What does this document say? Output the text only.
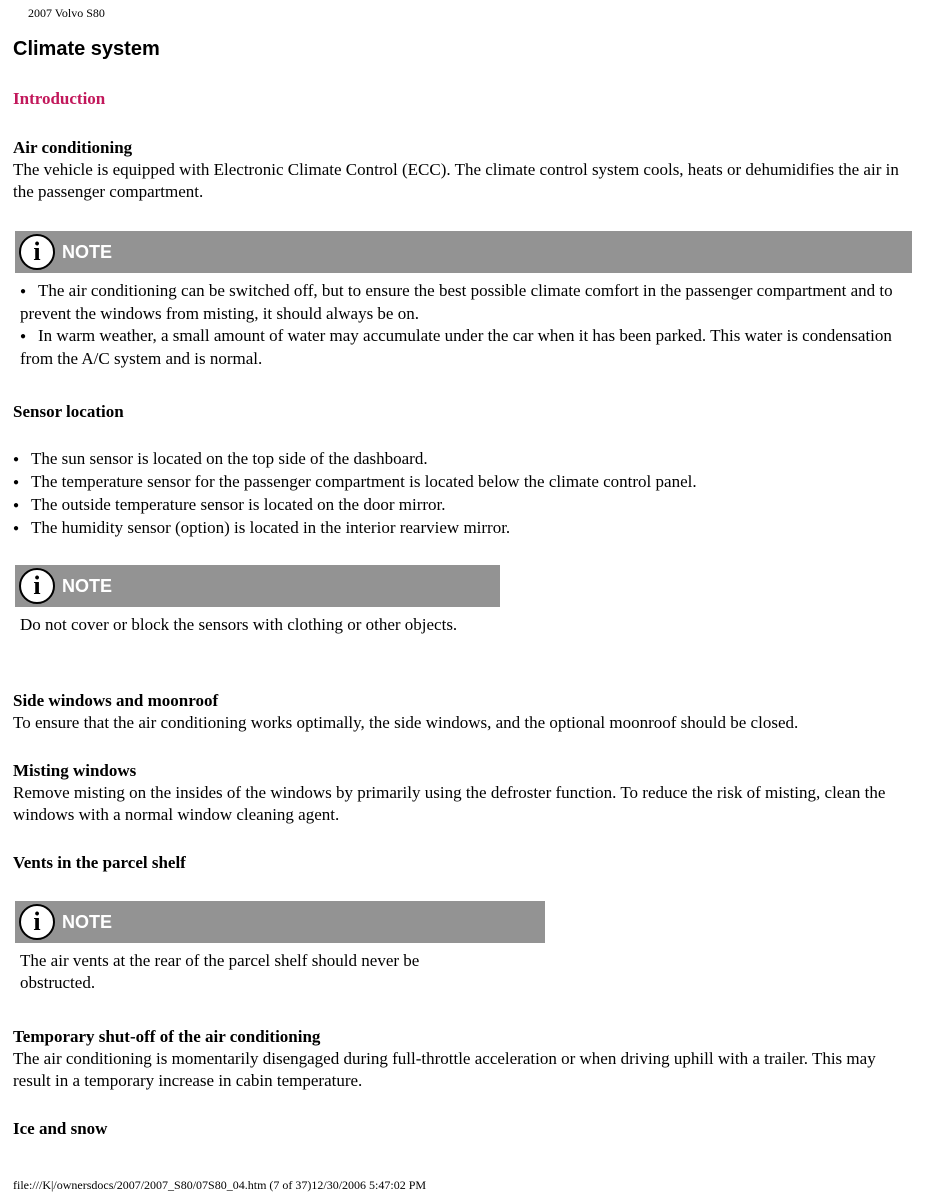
2007 Volvo S80
Climate system
Introduction
Air conditioning
The vehicle is equipped with Electronic Climate Control (ECC). The climate control system cools, heats or dehumidifies the air in the passenger compartment.
i	NOTE
● The air conditioning can be switched off, but to ensure the best possible climate comfort in the passenger compartment and to prevent the windows from misting, it should always be on.
● In warm weather, a small amount of water may accumulate under the car when it has been parked. This water is condensation from the A/C system and is normal.
Sensor location
● The sun sensor is located on the top side of the dashboard.
● The temperature sensor for the passenger compartment is located below the climate control panel.
● The outside temperature sensor is located on the door mirror.
● The humidity sensor (option) is located in the interior rearview mirror.
i	NOTE
Do not cover or block the sensors with clothing or other objects.
Side windows and moonroof
To ensure that the air conditioning works optimally, the side windows, and the optional moonroof should be closed.
Misting windows
Remove misting on the insides of the windows by primarily using the defroster function. To reduce the risk of misting, clean the windows with a normal window cleaning agent.
Vents in the parcel shelf
i	NOTE
The air vents at the rear of the parcel shelf should never be obstructed.
Temporary shut-off of the air conditioning
The air conditioning is momentarily disengaged during full-throttle acceleration or when driving uphill with a trailer. This may result in a temporary increase in cabin temperature.
Ice and snow
file:///K|/ownersdocs/2007/2007_S80/07S80_04.htm (7 of 37)12/30/2006 5:47:02 PM
